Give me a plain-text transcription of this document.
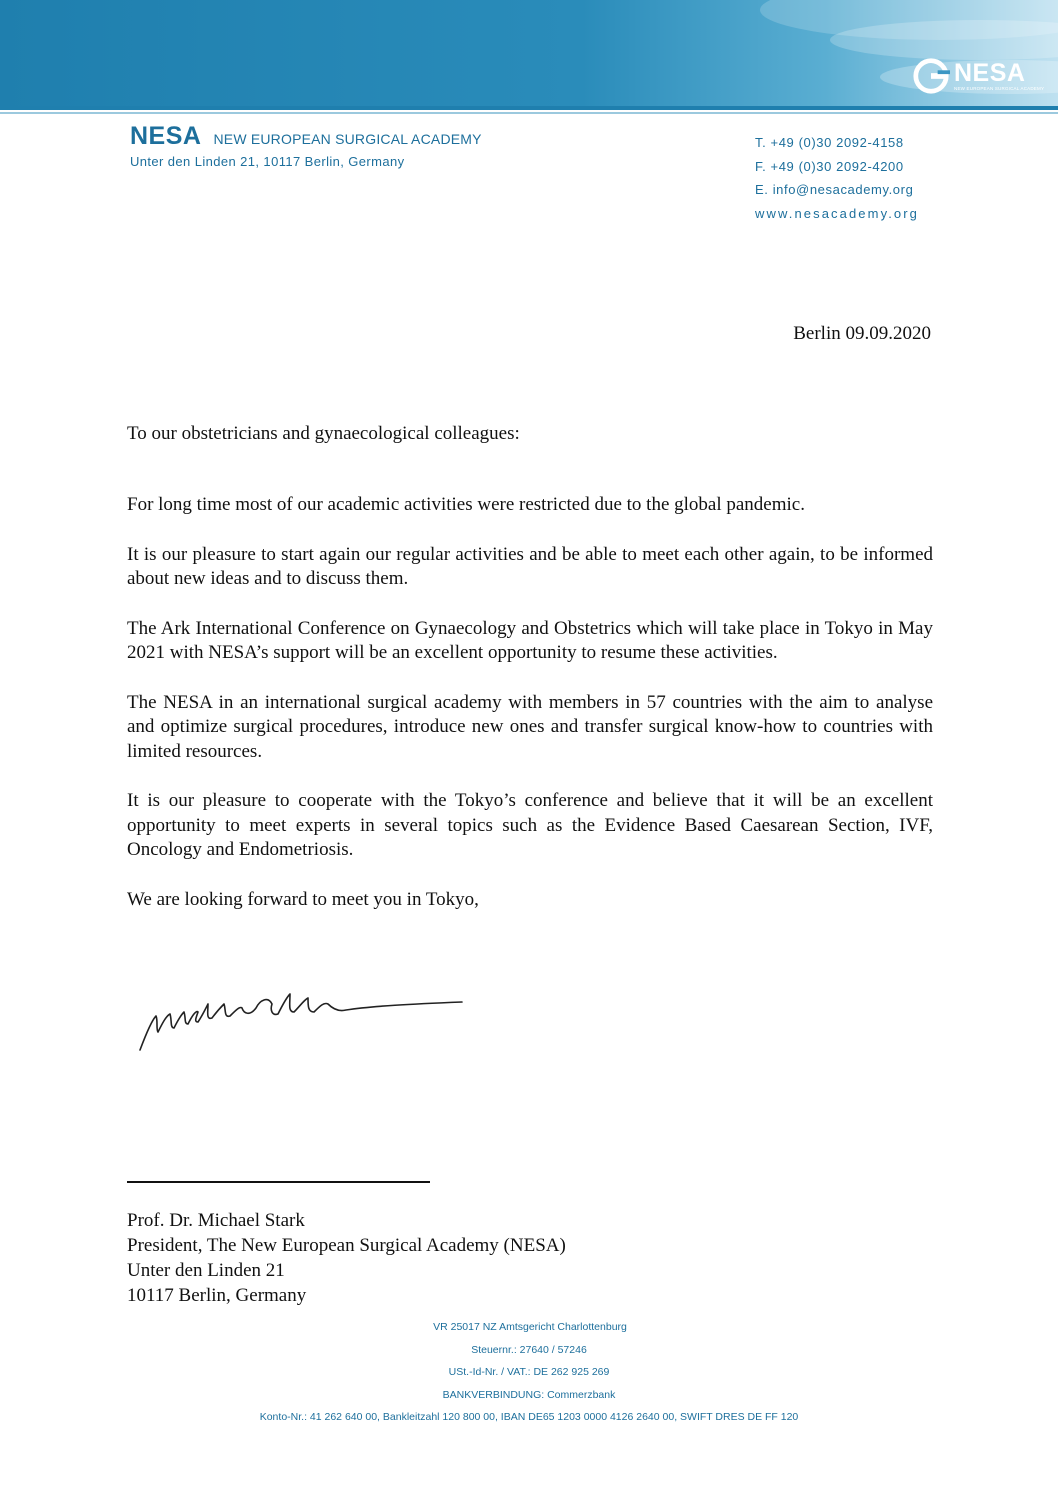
NESA
NEW EUROPEAN SURGICAL ACADEMY
NESA NEW EUROPEAN SURGICAL ACADEMY
Unter den Linden 21, 10117 Berlin, Germany
T. +49 (0)30 2092-4158
F. +49 (0)30 2092-4200
E. info@nesacademy.org
www.nesacademy.org
Berlin 09.09.2020
To our obstetricians and gynaecological colleagues:

For long time most of our academic activities were restricted due to the global pandemic.

It is our pleasure to start again our regular activities and be able to meet each other again, to be informed about new ideas and to discuss them.

The Ark International Conference on Gynaecology and Obstetrics which will take place in Tokyo in May 2021 with NESA’s support will be an excellent opportunity to resume these activities.

The NESA in an international surgical academy with members in 57 countries with the aim to analyse and optimize surgical procedures, introduce new ones and transfer surgical know-how to countries with limited resources.

It is our pleasure to cooperate with the Tokyo’s conference and believe that it will be an excellent opportunity to meet experts in several topics such as the Evidence Based Caesarean Section, IVF, Oncology and Endometriosis.

We are looking forward to meet you in Tokyo,

Prof. Dr. Michael Stark
President, The New European Surgical Academy (NESA)
Unter den Linden 21
10117 Berlin, Germany
VR 25017 NZ Amtsgericht Charlottenburg
Steuernr.: 27640 / 57246
USt.-Id-Nr. / VAT.: DE 262 925 269
BANKVERBINDUNG: Commerzbank
Konto-Nr.: 41 262 640 00, Bankleitzahl 120 800 00, IBAN DE65 1203 0000 4126 2640 00, SWIFT DRES DE FF 120
